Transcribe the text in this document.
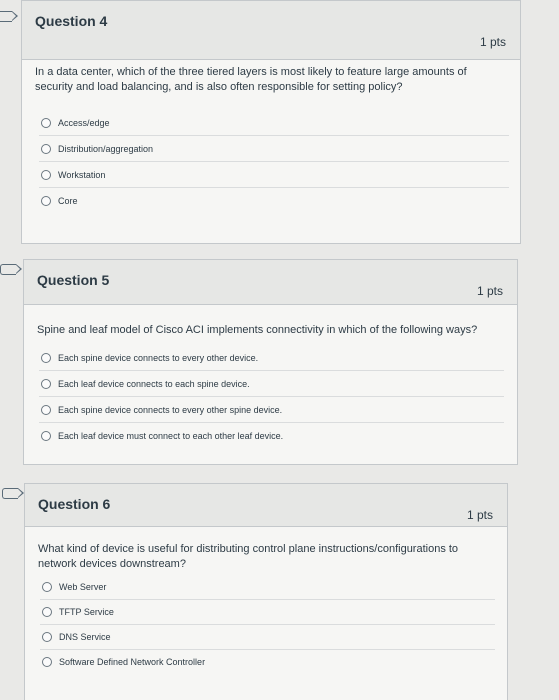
Question 4
1 pts
In a data center, which of the three tiered layers is most likely to feature large amounts of security and load balancing, and is also often responsible for setting policy?
Access/edge
Distribution/aggregation
Workstation
Core
Question 5
1 pts
Spine and leaf model of Cisco ACI implements connectivity in which of the following ways?
Each spine device connects to every other device.
Each leaf device connects to each spine device.
Each spine device connects to every other spine device.
Each leaf device must connect to each other leaf device.
Question 6
1 pts
What kind of device is useful for distributing control plane instructions/configurations to network devices downstream?
Web Server
TFTP Service
DNS Service
Software Defined Network Controller
